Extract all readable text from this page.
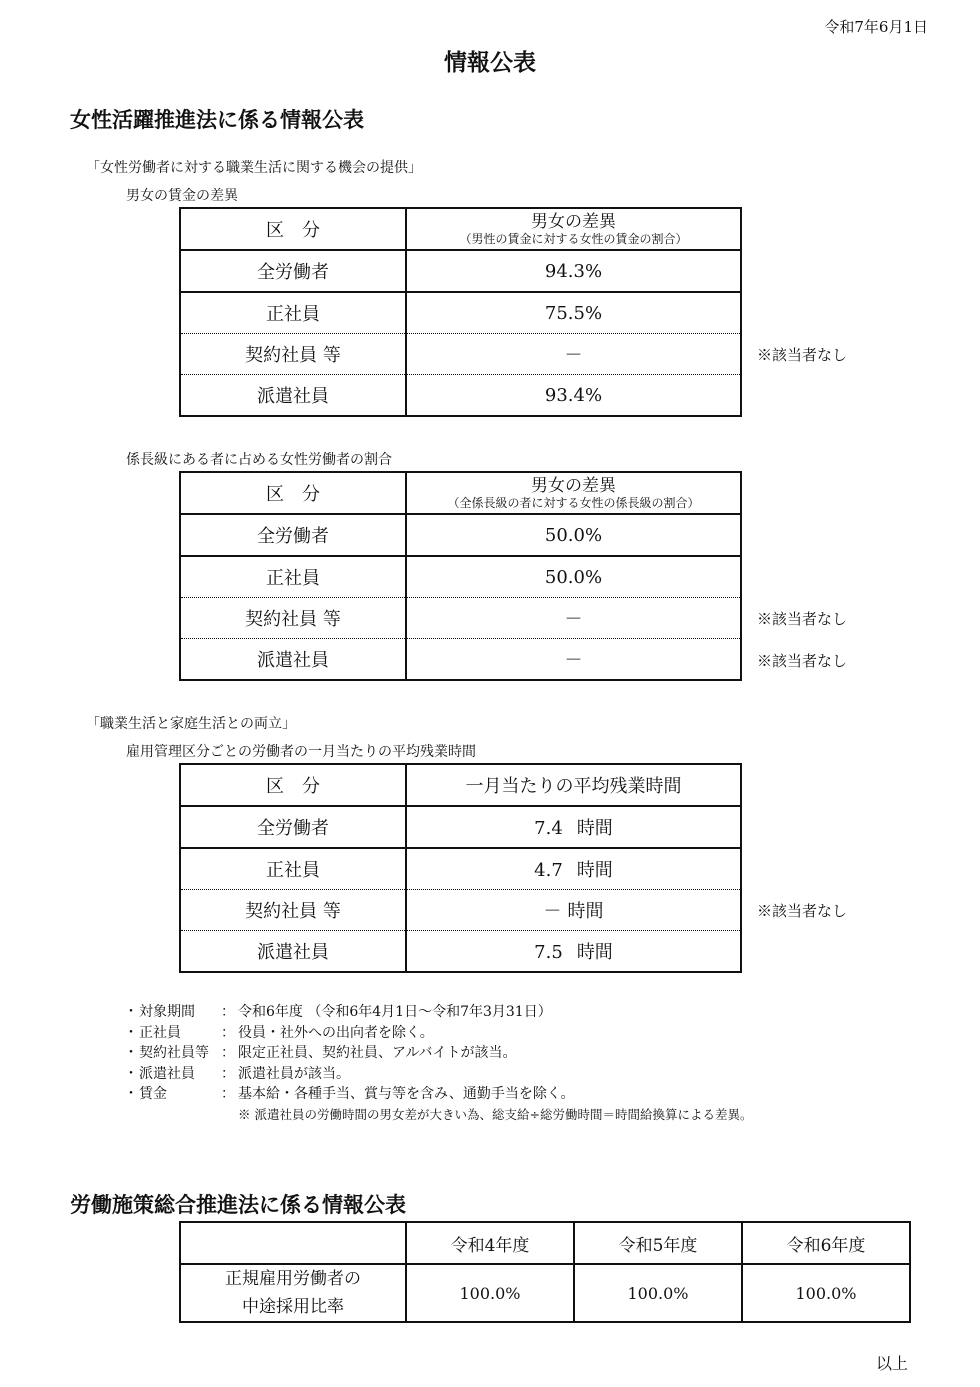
令和7年6月1日
情報公表
女性活躍推進法に係る情報公表
「女性労働者に対する職業生活に関する機会の提供」
男女の賃金の差異
区　分	男女の差異
（男性の賃金に対する女性の賃金の割合）

全労働者	94.3%
正社員	75.5%
契約社員 等	－
派遣社員	93.4%
※該当者なし
係長級にある者に占める女性労働者の割合
区　分	男女の差異
（全係長級の者に対する女性の係長級の割合）

全労働者	50.0%
正社員	50.0%
契約社員 等	－
派遣社員	－
※該当者なし
※該当者なし
「職業生活と家庭生活との両立」
雇用管理区分ごとの労働者の一月当たりの平均残業時間
区　分	一月当たりの平均残業時間
全労働者	7.4 時間
正社員	4.7 時間
契約社員 等	－ 時間
派遣社員	7.5 時間
※該当者なし
・ 対象期間 ： 令和6年度 （令和6年4月1日～令和7年3月31日）
・ 正社員	： 役員・社外への出向者を除く。
・ 契約社員等 ： 限定正社員、契約社員、アルバイトが該当。
・ 派遣社員 ： 派遣社員が該当。
・ 賃金	： 基本給・各種手当、賞与等を含み、通勤手当を除く。
※ 派遣社員の労働時間の男女差が大きい為、総支給÷総労働時間＝時間給換算による差異。
労働施策総合推進法に係る情報公表
	令和4年度	令和5年度	令和6年度

正規雇用労働者の
中途採用比率	100.0%	100.0%	100.0%
以上
